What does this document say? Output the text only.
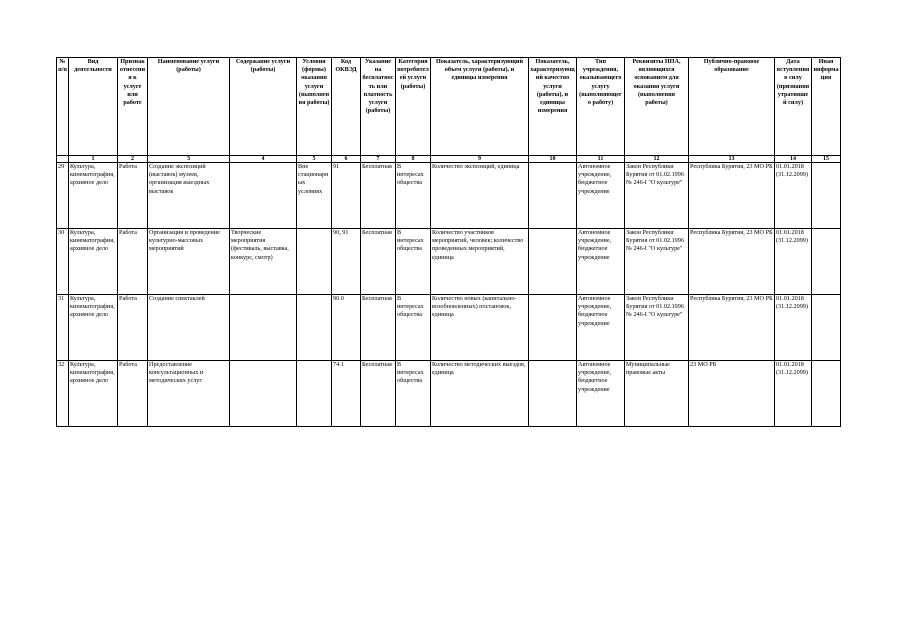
№ п/п	Вид деятельности	Признак отнесения к услуге или работе	Наименование услуги (работы)	Содержание услуги (работы)	Условия (формы) оказания услуги (выполнения работы)	Код ОКВЭД	Указание на бесплатность или платность услуги (работы)	Категория потребителей услуги (работы)	Показатель, характеризующий объем услуги (работы), и единицы измерения	Показатель, характеризующий качество услуги (работы), и единицы измерения	Тип учреждения, оказывающего услугу (выполняющего работу)	Реквизиты НПА, являющихся основанием для оказания услуги (выполнения работы)	Публично-правовое образование	Дата вступления в силу (признания утратившей силу)	Иная информация
	1	2	3	4	5	6	7	8	9	10	11	12	13	14	15
29	Культура, кинематография, архивное дело	Работа	Создание экспозиций (выставок) музеев, организация выездных выставок		Вне стационарных условиях	91	Бесплатная	В интересах общества	Количество экспозиций, единица		Автономное учреждение, бюджетное учреждение	Закон Республики Бурятия от 01.02.1996 № 246-I "О культуре"	Республика Бурятия, 23 МО РБ	01.01.2018 (31.12.2099)	
30	Культура, кинематография, архивное дело	Работа	Организация и проведение культурно-массовых мероприятий	Творческие мероприятия (фестиваль, выставка, конкурс, смотр)		90, 91	Бесплатная	В интересах общества	Количество участников мероприятий, человек; количество проведенных мероприятий, единица		Автономное учреждение, бюджетное учреждение	Закон Республики Бурятия от 01.02.1996 № 246-I "О культуре"	Республика Бурятия, 23 МО РБ	01.01.2018 (31.12.2099)	
31	Культура, кинематография, архивное дело	Работа	Создание спектаклей			90.0	Бесплатная	В интересах общества	Количество новых (капитально-возобновленных) постановок, единица		Автономное учреждение, бюджетное учреждение	Закон Республики Бурятия от 01.02.1996 № 246-I "О культуре"	Республика Бурятия, 23 МО РБ	01.01.2018 (31.12.2099)	
32	Культура, кинематография, архивное дело	Работа	Предоставление консультационных и методических услуг			74.1	Бесплатная	В интересах общества	Количество методических выездов, единица		Автономное учреждение, бюджетное учреждение	Муниципальные правовые акты	23 МО РБ	01.01.2018 (31.12.2099)	
